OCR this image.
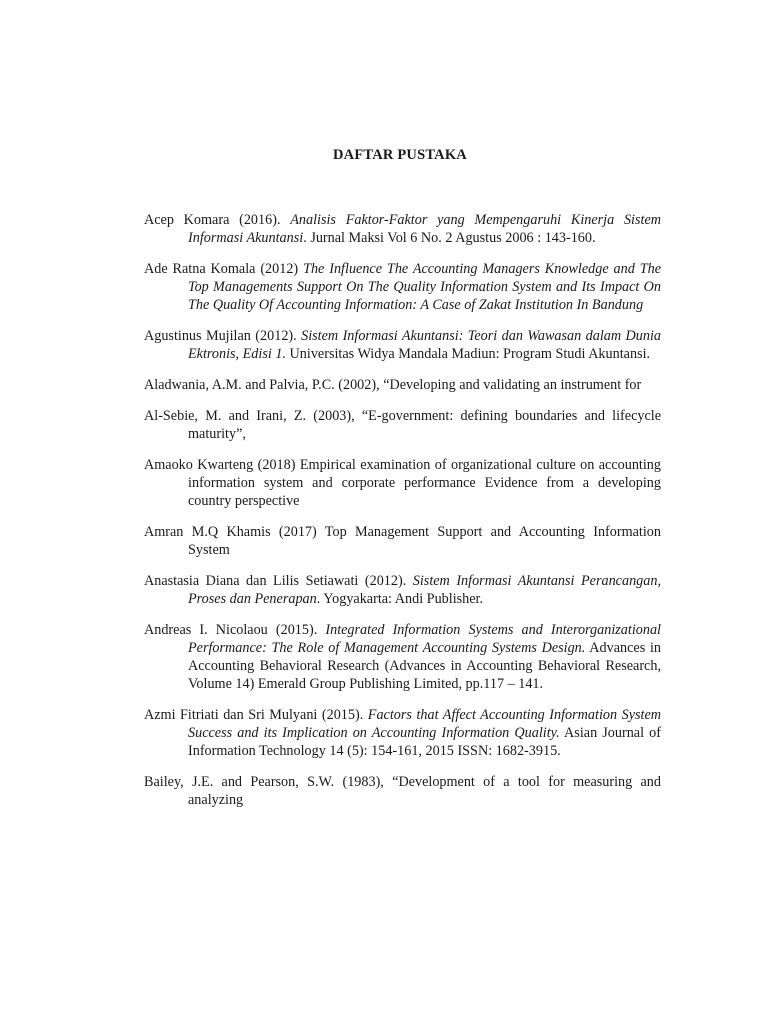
DAFTAR PUSTAKA

Acep Komara (2016). Analisis Faktor-Faktor yang Mempengaruhi Kinerja Sistem Informasi Akuntansi. Jurnal Maksi Vol 6 No. 2 Agustus 2006 : 143-160.

Ade Ratna Komala (2012) The Influence The Accounting Managers Knowledge and The Top Managements Support On The Quality Information System and Its Impact On The Quality Of Accounting Information: A Case of Zakat Institution In Bandung

Agustinus Mujilan (2012). Sistem Informasi Akuntansi: Teori dan Wawasan dalam Dunia Ektronis, Edisi 1. Universitas Widya Mandala Madiun: Program Studi Akuntansi.

Aladwania, A.M. and Palvia, P.C. (2002), “Developing and validating an instrument for

Al-Sebie, M. and Irani, Z. (2003), “E-government: defining boundaries and lifecycle maturity”,

Amaoko Kwarteng (2018) Empirical examination of organizational culture on accounting information system and corporate performance Evidence from a developing country perspective

Amran M.Q Khamis (2017) Top Management Support and Accounting Information System

Anastasia Diana dan Lilis Setiawati (2012). Sistem Informasi Akuntansi Perancangan, Proses dan Penerapan. Yogyakarta: Andi Publisher.

Andreas I. Nicolaou (2015). Integrated Information Systems and Interorganizational Performance: The Role of Management Accounting Systems Design. Advances in Accounting Behavioral Research (Advances in Accounting Behavioral Research, Volume 14) Emerald Group Publishing Limited, pp.117 – 141.

Azmi Fitriati dan Sri Mulyani (2015). Factors that Affect Accounting Information System Success and its Implication on Accounting Information Quality. Asian Journal of Information Technology 14 (5): 154-161, 2015 ISSN: 1682-3915.

Bailey, J.E. and Pearson, S.W. (1983), “Development of a tool for measuring and analyzing
